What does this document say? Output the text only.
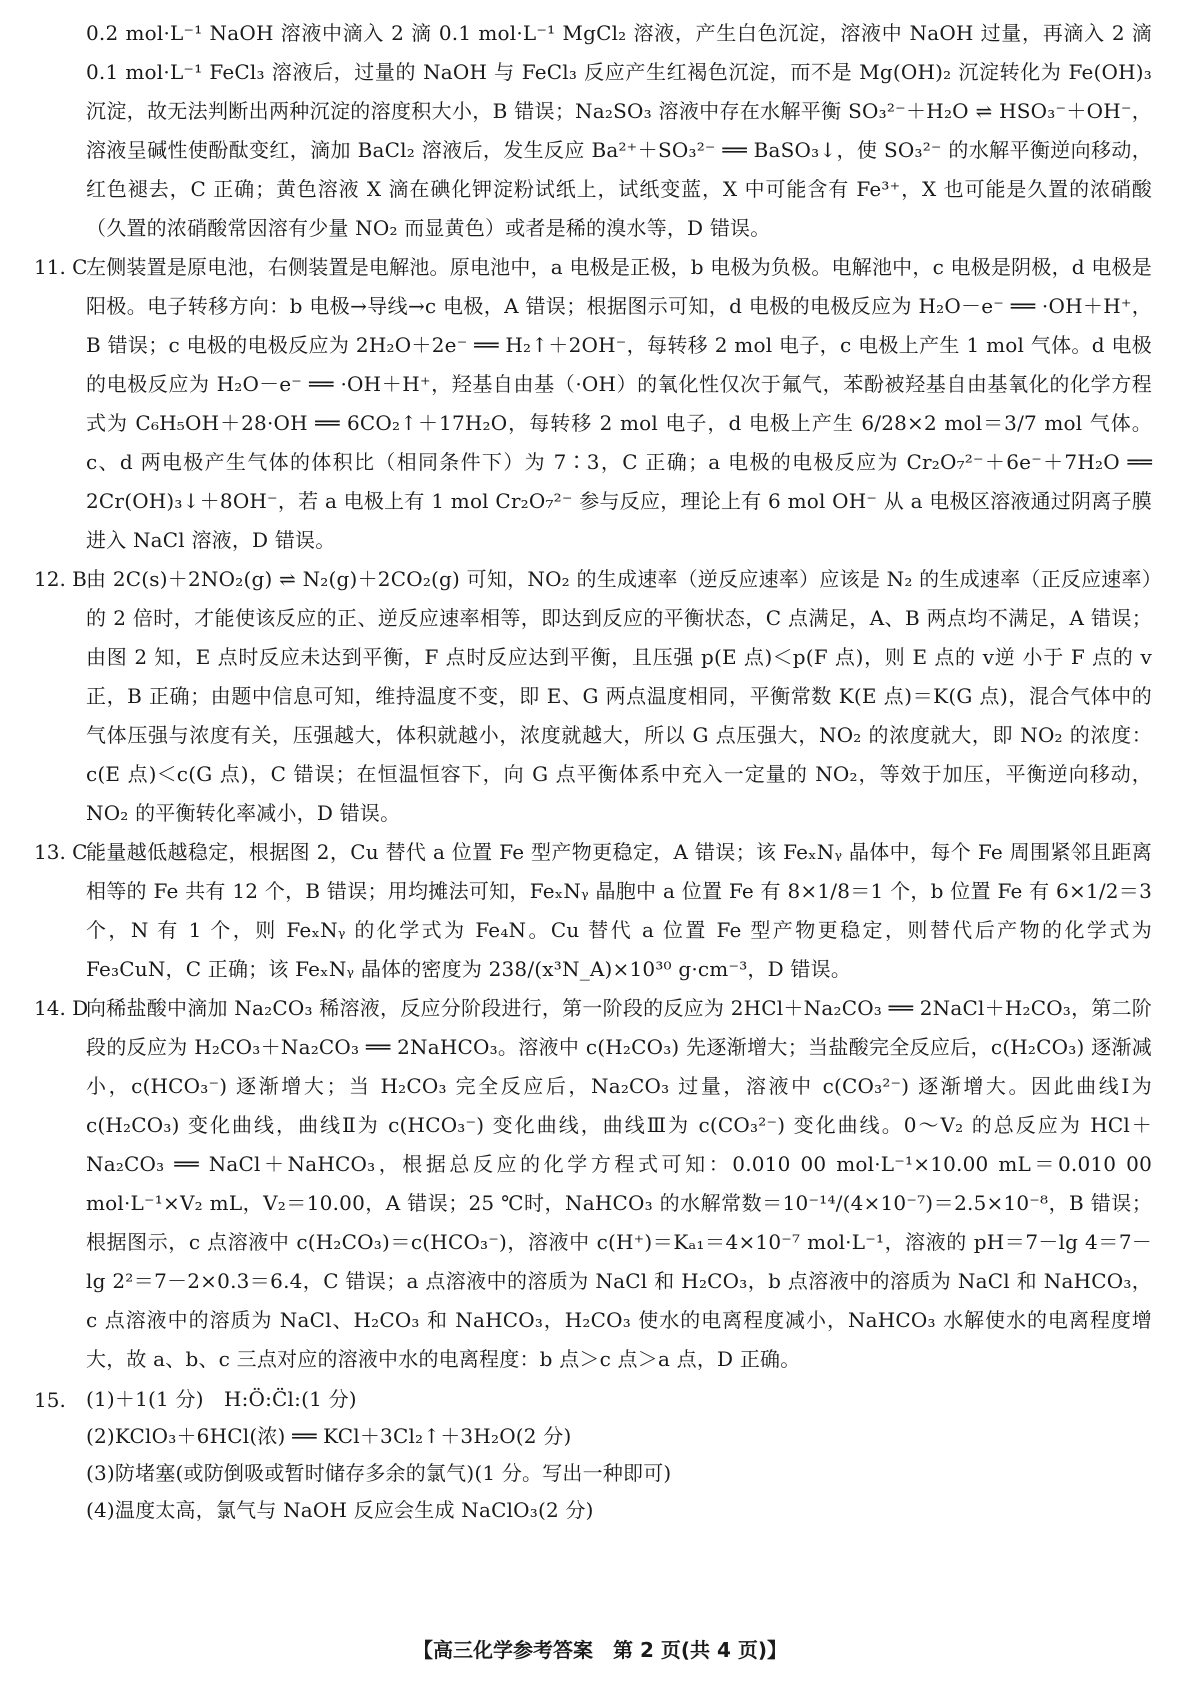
0.2 mol·L⁻¹ NaOH 溶液中滴入 2 滴 0.1 mol·L⁻¹ MgCl₂ 溶液，产生白色沉淀，溶液中 NaOH 过量，再滴入 2 滴 0.1 mol·L⁻¹ FeCl₃ 溶液后，过量的 NaOH 与 FeCl₃ 反应产生红褐色沉淀，而不是 Mg(OH)₂ 沉淀转化为 Fe(OH)₃ 沉淀，故无法判断出两种沉淀的溶度积大小，B 错误；Na₂SO₃ 溶液中存在水解平衡 SO₃²⁻＋H₂O ⇌ HSO₃⁻＋OH⁻，溶液呈碱性使酚酞变红，滴加 BaCl₂ 溶液后，发生反应 Ba²⁺＋SO₃²⁻ ══ BaSO₃↓，使 SO₃²⁻ 的水解平衡逆向移动，红色褪去，C 正确；黄色溶液 X 滴在碘化钾淀粉试纸上，试纸变蓝，X 中可能含有 Fe³⁺，X 也可能是久置的浓硝酸（久置的浓硝酸常因溶有少量 NO₂ 而显黄色）或者是稀的溴水等，D 错误。

11. C

左侧装置是原电池，右侧装置是电解池。原电池中，a 电极是正极，b 电极为负极。电解池中，c 电极是阴极，d 电极是阳极。电子转移方向：b 电极→导线→c 电极，A 错误；根据图示可知，d 电极的电极反应为 H₂O－e⁻ ══ ·OH＋H⁺，B 错误；c 电极的电极反应为 2H₂O＋2e⁻ ══ H₂↑＋2OH⁻，每转移 2 mol 电子，c 电极上产生 1 mol 气体。d 电极的电极反应为 H₂O－e⁻ ══ ·OH＋H⁺，羟基自由基（·OH）的氧化性仅次于氟气，苯酚被羟基自由基氧化的化学方程式为 C₆H₅OH＋28·OH ══ 6CO₂↑＋17H₂O，每转移 2 mol 电子，d 电极上产生 6/28×2 mol＝3/7 mol 气体。c、d 两电极产生气体的体积比（相同条件下）为 7∶3，C 正确；a 电极的电极反应为 Cr₂O₇²⁻＋6e⁻＋7H₂O ══ 2Cr(OH)₃↓＋8OH⁻，若 a 电极上有 1 mol Cr₂O₇²⁻ 参与反应，理论上有 6 mol OH⁻ 从 a 电极区溶液通过阴离子膜进入 NaCl 溶液，D 错误。

12. B 由 2C(s)＋2NO₂(g) ⇌ N₂(g)＋2CO₂(g) 可知，NO₂ 的生成速率（逆反应速率）应该是 N₂ 的生成速率（正反应速率）的 2 倍时，才能使该反应的正、逆反应速率相等，即达到反应的平衡状态，C 点满足，A、B 两点均不满足，A 错误；由图 2 知，E 点时反应未达到平衡，F 点时反应达到平衡，且压强 p(E 点)＜p(F 点)，则 E 点的 v逆 小于 F 点的 v正，B 正确；由题中信息可知，维持温度不变，即 E、G 两点温度相同，平衡常数 K(E 点)＝K(G 点)，混合气体中的气体压强与浓度有关，压强越大，体积就越小，浓度就越大，所以 G 点压强大，NO₂ 的浓度就大，即 NO₂ 的浓度：c(E 点)＜c(G 点)，C 错误；在恒温恒容下，向 G 点平衡体系中充入一定量的 NO₂，等效于加压，平衡逆向移动，NO₂ 的平衡转化率减小，D 错误。

13. C

能量越低越稳定，根据图 2，Cu 替代 a 位置 Fe 型产物更稳定，A 错误；该 FeₓNᵧ 晶体中，每个 Fe 周围紧邻且距离相等的 Fe 共有 12 个，B 错误；用均摊法可知，FeₓNᵧ 晶胞中 a 位置 Fe 有 8×1/8＝1 个，b 位置 Fe 有 6×1/2＝3 个，N 有 1 个，则 FeₓNᵧ 的化学式为 Fe₄N。Cu 替代 a 位置 Fe 型产物更稳定，则替代后产物的化学式为 Fe₃CuN，C 正确；该 FeₓNᵧ 晶体的密度为 238/(x³N_A)×10³⁰ g·cm⁻³，D 错误。

14. D

向稀盐酸中滴加 Na₂CO₃ 稀溶液，反应分阶段进行，第一阶段的反应为 2HCl＋Na₂CO₃ ══ 2NaCl＋H₂CO₃，第二阶段的反应为 H₂CO₃＋Na₂CO₃ ══ 2NaHCO₃。溶液中 c(H₂CO₃) 先逐渐增大；当盐酸完全反应后，c(H₂CO₃) 逐渐减小，c(HCO₃⁻) 逐渐增大；当 H₂CO₃ 完全反应后，Na₂CO₃ 过量，溶液中 c(CO₃²⁻) 逐渐增大。因此曲线Ⅰ为 c(H₂CO₃) 变化曲线，曲线Ⅱ为 c(HCO₃⁻) 变化曲线，曲线Ⅲ为 c(CO₃²⁻) 变化曲线。0～V₂ 的总反应为 HCl＋Na₂CO₃ ══ NaCl＋NaHCO₃，根据总反应的化学方程式可知：0.010 00 mol·L⁻¹×10.00 mL＝0.010 00 mol·L⁻¹×V₂ mL，V₂＝10.00，A 错误；25 ℃时，NaHCO₃ 的水解常数＝10⁻¹⁴/(4×10⁻⁷)＝2.5×10⁻⁸，B 错误；根据图示，c 点溶液中 c(H₂CO₃)＝c(HCO₃⁻)，溶液中 c(H⁺)＝Kₐ₁＝4×10⁻⁷ mol·L⁻¹，溶液的 pH＝7－lg 4＝7－lg 2²＝7－2×0.3＝6.4，C 错误；a 点溶液中的溶质为 NaCl 和 H₂CO₃，b 点溶液中的溶质为 NaCl 和 NaHCO₃，c 点溶液中的溶质为 NaCl、H₂CO₃ 和 NaHCO₃，H₂CO₃ 使水的电离程度减小，NaHCO₃ 水解使水的电离程度增大，故 a、b、c 三点对应的溶液中水的电离程度：b 点＞c 点＞a 点，D 正确。

15. (1)＋1(1 分)　H:Ö:C̈l:(1 分)

(2)KClO₃＋6HCl(浓) ══ KCl＋3Cl₂↑＋3H₂O(2 分)

(3)防堵塞(或防倒吸或暂时储存多余的氯气)(1 分。写出一种即可)

(4)温度太高，氯气与 NaOH 反应会生成 NaClO₃(2 分)

【高三化学参考答案　第 2 页(共 4 页)】
